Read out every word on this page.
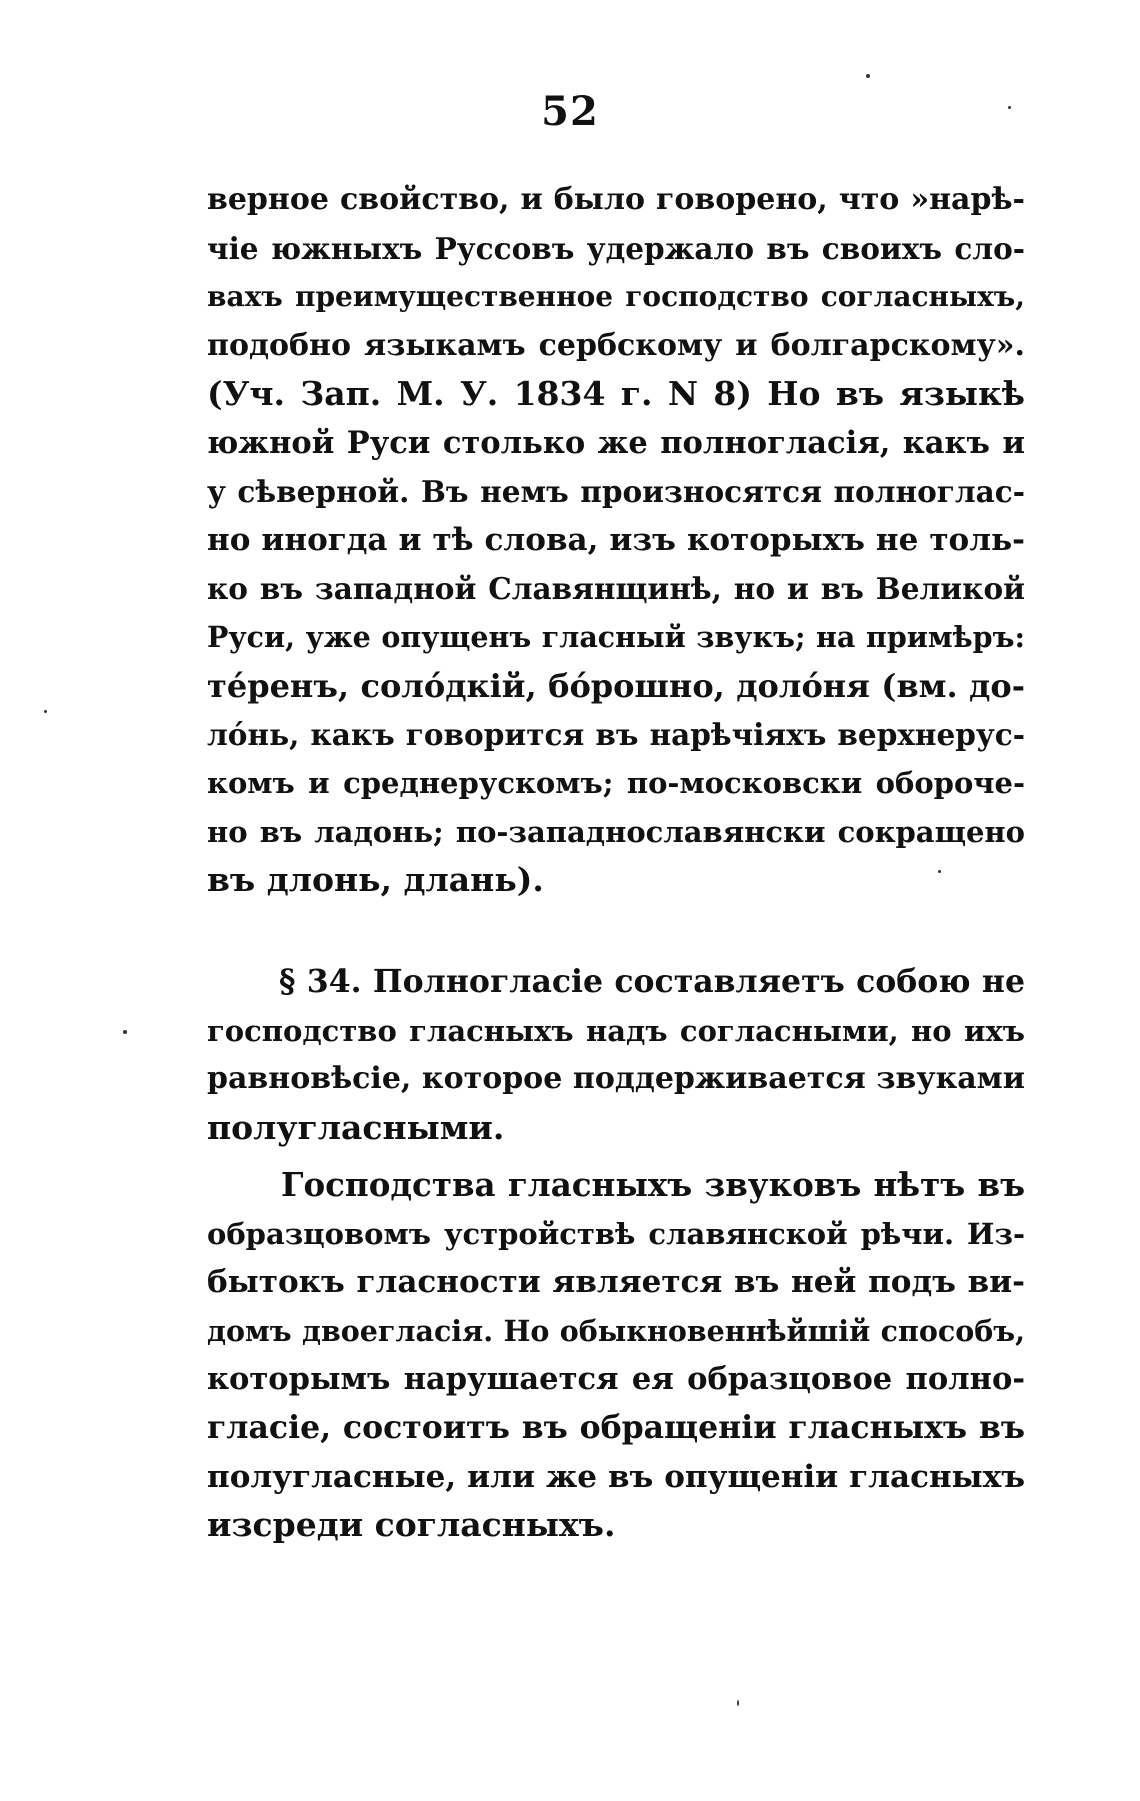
52
верное свойство, и было говорено, что »нарѣ-
чіе южныхъ Руссовъ удержало въ своихъ сло-
вахъ преимущественное господство согласныхъ,
подобно языкамъ сербскому и болгарскому».
(Уч. Зап. М. У. 1834 г. N 8) Но въ языкѣ
южной Руси столько же полногласія, какъ и
у сѣверной. Въ немъ произносятся полноглас-
но иногда и тѣ слова, изъ которыхъ не толь-
ко въ западной Славянщинѣ, но и въ Великой
Руси, уже опущенъ гласный звукъ; на примѣръ:
тéренъ, солóдкій, бóрошно, долóня (вм. до-
лóнь, какъ говорится въ нарѣчіяхъ верхнерус-
комъ и среднерускомъ; по-московски обороче-
но въ ладонь; по-западнославянски сокращено
въ длонь, длань).
§ 34. Полногласіе составляетъ собою не
господство гласныхъ надъ согласными, но ихъ
равновѣсіе, которое поддерживается звуками
полугласными.
Господства гласныхъ звуковъ нѣтъ въ
образцовомъ устройствѣ славянской рѣчи. Из-
бытокъ гласности является въ ней подъ ви-
домъ двоегласія. Но обыкновеннѣйшій способъ,
которымъ нарушается ея образцовое полно-
гласіе, состоитъ въ обращеніи гласныхъ въ
полугласные, или же въ опущеніи гласныхъ
изсреди согласныхъ.
